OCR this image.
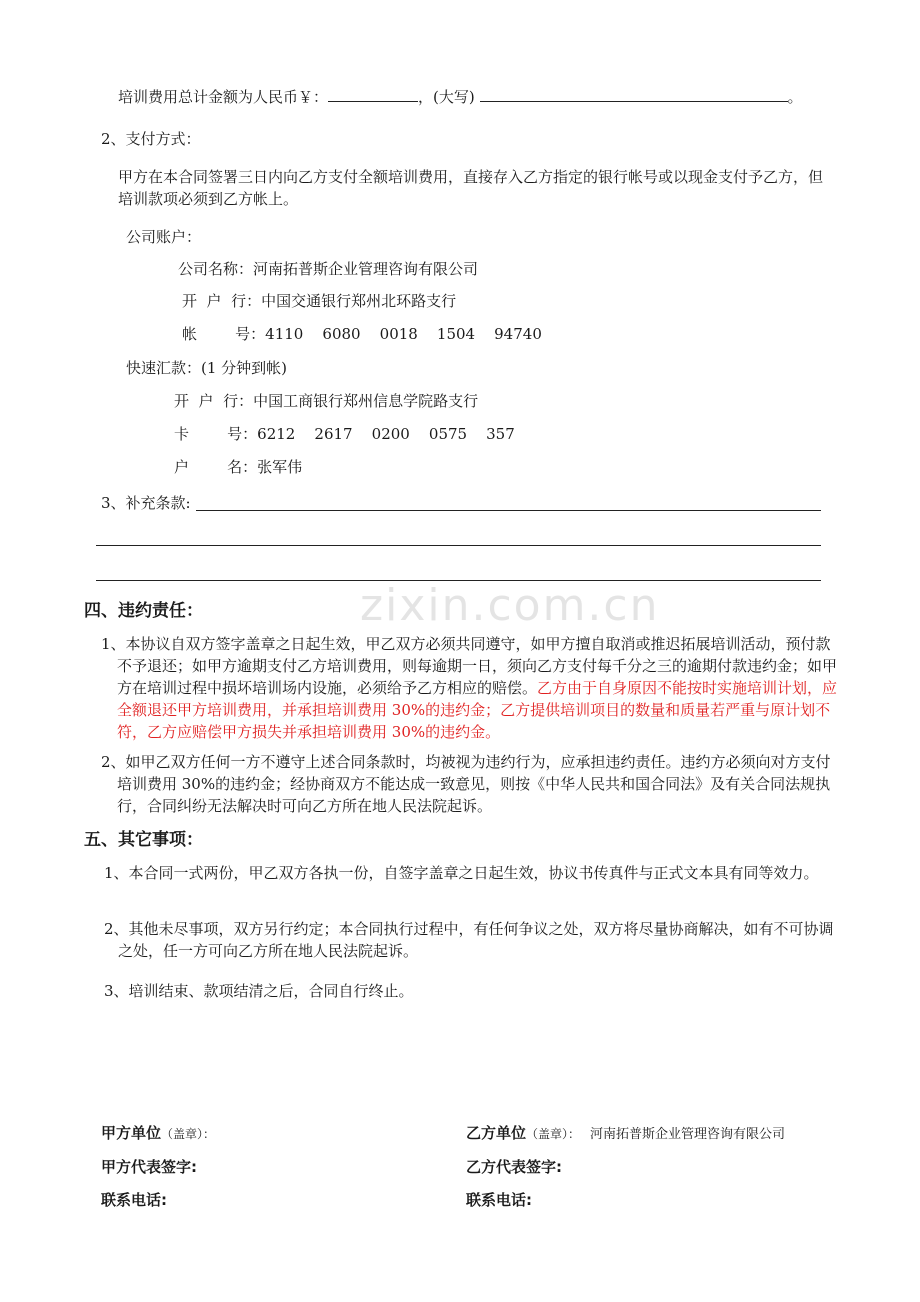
zixin.com.cn
培训费用总计金额为人民币￥：	，(大写)	。
2、支付方式：
甲方在本合同签署三日内向乙方支付全额培训费用，直接存入乙方指定的银行帐号或以现金支付予乙方，但培训款项必须到乙方帐上。
公司账户：
公司名称：河南拓普斯企业管理咨询有限公司
开  户  行：中国交通银行郑州北环路支行
帐        号：4110    6080    0018    1504    94740
快速汇款：(1 分钟到帐)
开  户  行：中国工商银行郑州信息学院路支行
卡        号：6212    2617    0200    0575    357
户        名：张军伟
3、补充条款:
四、违约责任：
1、本协议自双方签字盖章之日起生效，甲乙双方必须共同遵守，如甲方擅自取消或推迟拓展培训活动，预付款不予退还；如甲方逾期支付乙方培训费用，则每逾期一日，须向乙方支付每千分之三的逾期付款违约金；如甲方在培训过程中损坏培训场内设施，必须给予乙方相应的赔偿。乙方由于自身原因不能按时实施培训计划，应全额退还甲方培训费用，并承担培训费用 30%的违约金；乙方提供培训项目的数量和质量若严重与原计划不符，乙方应赔偿甲方损失并承担培训费用 30%的违约金。
2、如甲乙双方任何一方不遵守上述合同条款时，均被视为违约行为，应承担违约责任。违约方必须向对方支付培训费用 30%的违约金；经协商双方不能达成一致意见，则按《中华人民共和国合同法》及有关合同法规执行，合同纠纷无法解决时可向乙方所在地人民法院起诉。
五、其它事项：
1、本合同一式两份，甲乙双方各执一份，自签字盖章之日起生效，协议书传真件与正式文本具有同等效力。
2、其他未尽事项，双方另行约定；本合同执行过程中，有任何争议之处，双方将尽量协商解决，如有不可协调之处，任一方可向乙方所在地人民法院起诉。
3、培训结束、款项结清之后，合同自行终止。
甲方单位（盖章）：	乙方单位（盖章）： 河南拓普斯企业管理咨询有限公司
甲方代表签字:	乙方代表签字:
联系电话:	联系电话:
